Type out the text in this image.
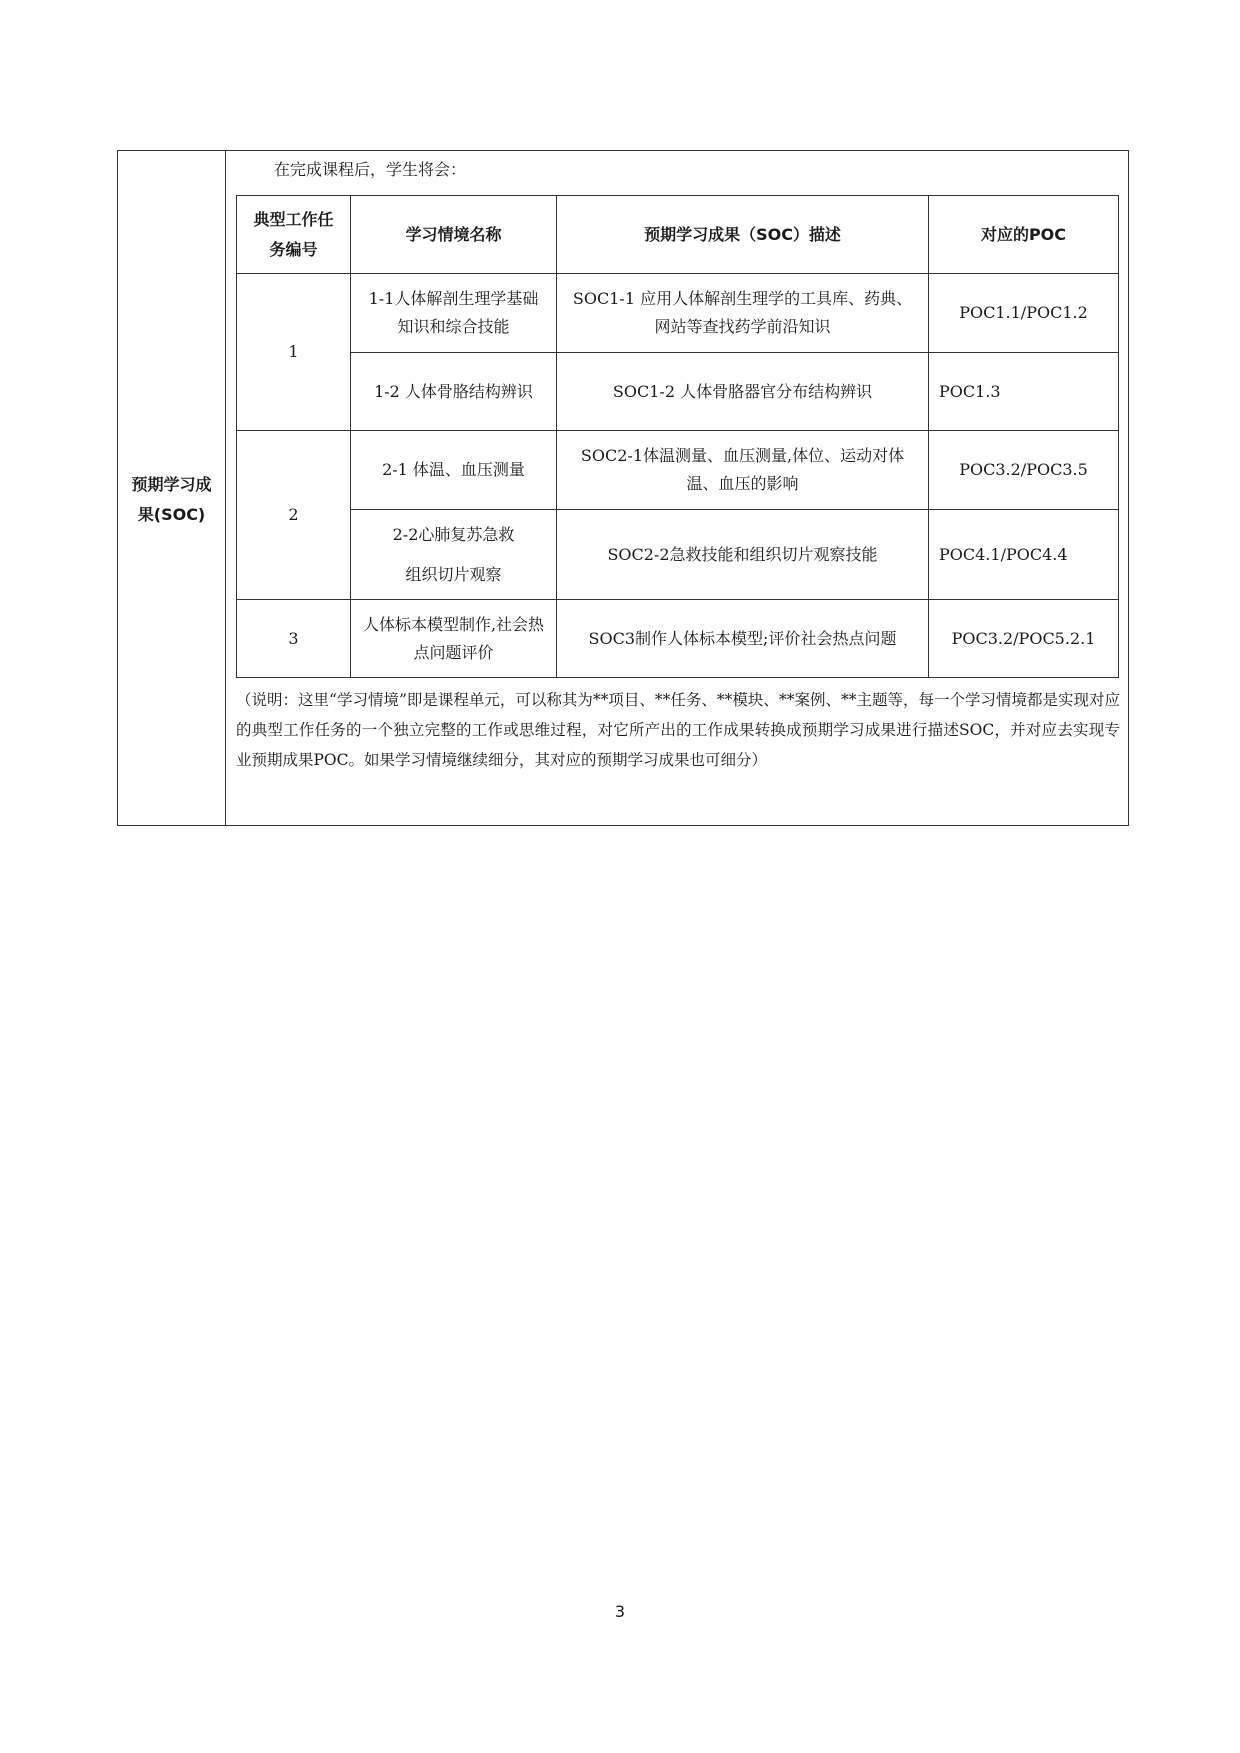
预期学习成果(SOC)
在完成课程后，学生将会：
典型工作任务编号	学习情境名称	预期学习成果（SOC）描述	对应的POC
1	1-1人体解剖生理学基础知识和综合技能	SOC1-1 应用人体解剖生理学的工具库、药典、网站等查找药学前沿知识	POC1.1/POC1.2
	1-2 人体骨胳结构辨识	SOC1-2 人体骨胳器官分布结构辨识	POC1.3
2	2-1 体温、血压测量	SOC2-1体温测量、血压测量,体位、运动对体温、血压的影响	POC3.2/POC3.5
	2-2心肺复苏急救组织切片观察	SOC2-2急救技能和组织切片观察技能	POC4.1/POC4.4
3	人体标本模型制作,社会热点问题评价	SOC3制作人体标本模型;评价社会热点问题	POC3.2/POC5.2.1
（说明：这里“学习情境”即是课程单元，可以称其为**项目、**任务、**模块、**案例、**主题等，每一个学习情境都是实现对应的典型工作任务的一个独立完整的工作或思维过程，对它所产出的工作成果转换成预期学习成果进行描述SOC，并对应去实现专业预期成果POC。如果学习情境继续细分，其对应的预期学习成果也可细分）
3
